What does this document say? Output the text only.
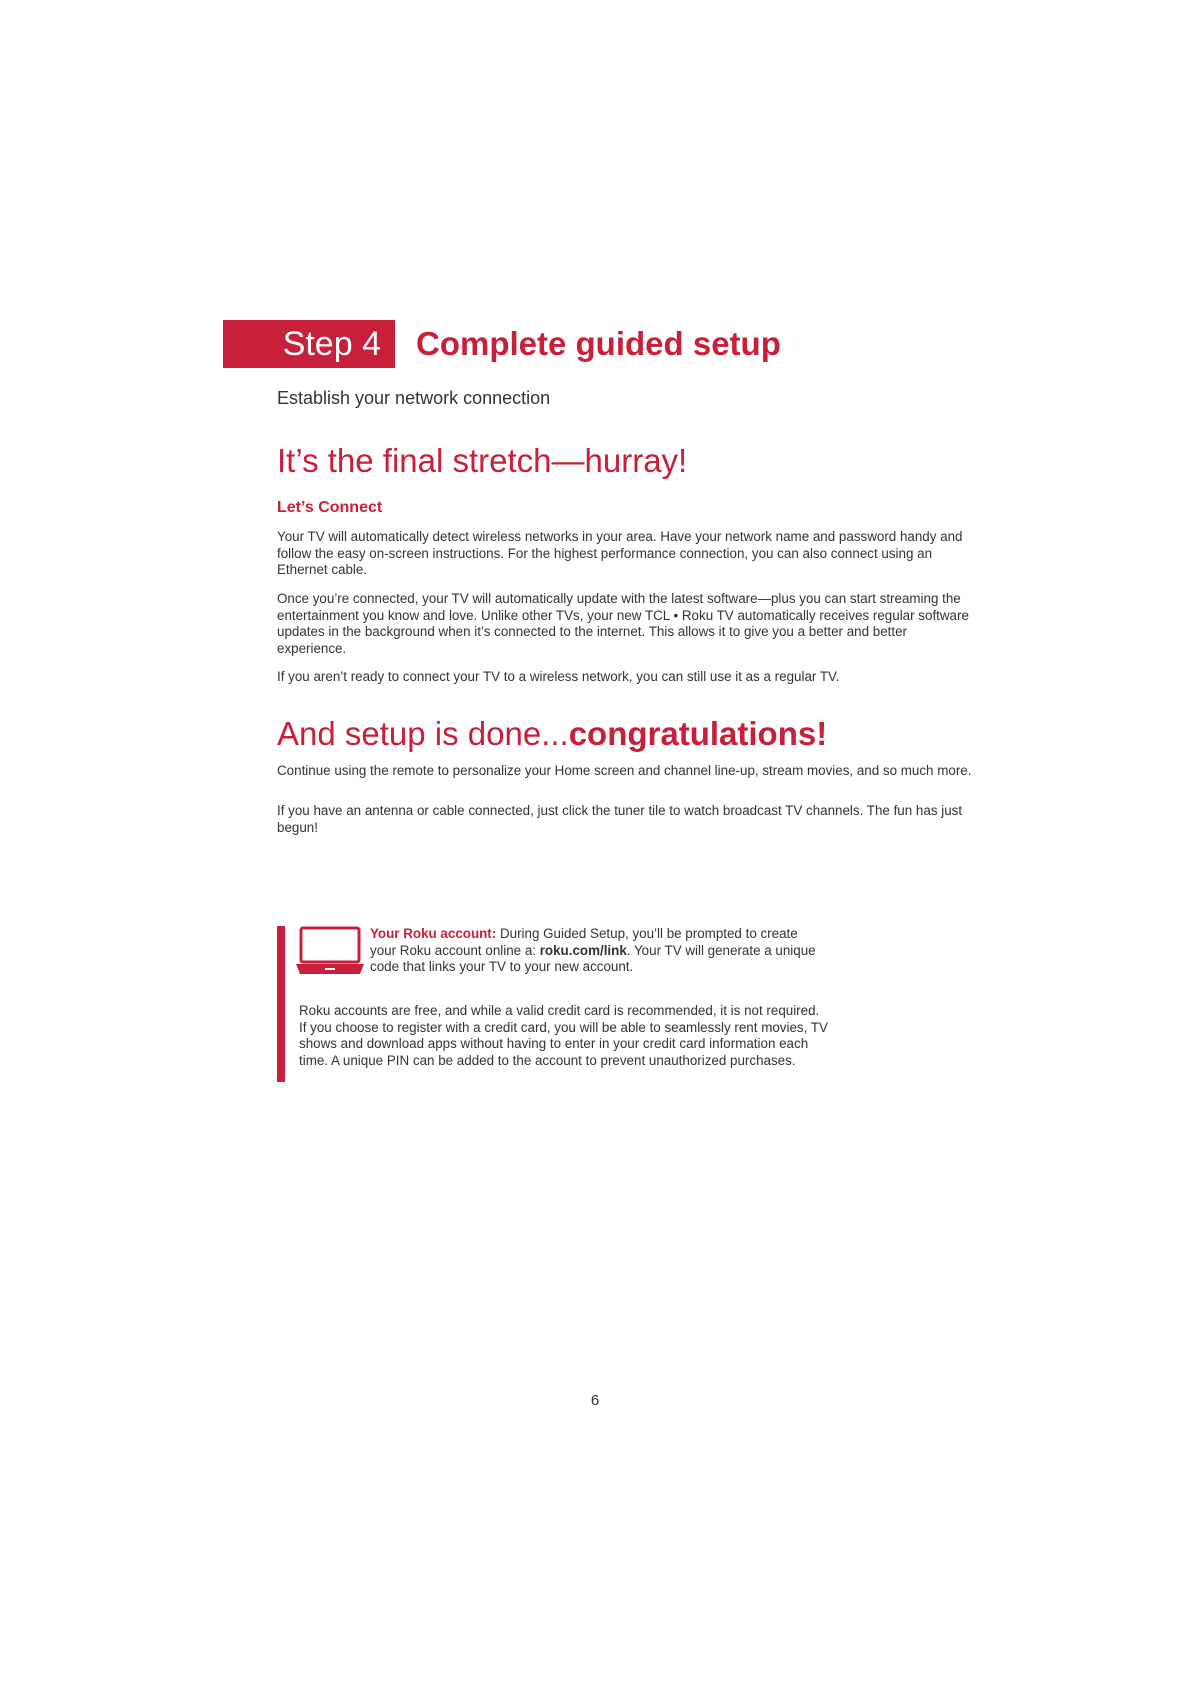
Step 4	Complete guided setup
Establish your network connection
It’s the final stretch—hurray!
Let’s Connect
Your TV will automatically detect wireless networks in your area. Have your network name and password handy and follow the easy on-screen instructions. For the highest performance connection, you can also connect using an Ethernet cable.
Once you’re connected, your TV will automatically update with the latest software—plus you can start streaming the entertainment you know and love. Unlike other TVs, your new TCL • Roku TV automatically receives regular software updates in the background when it’s connected to the internet. This allows it to give you a better and better experience.
If you aren’t ready to connect your TV to a wireless network, you can still use it as a regular TV.
And setup is done...congratulations!
Continue using the remote to personalize your Home screen and channel line-up, stream movies, and so much more.
If you have an antenna or cable connected, just click the tuner tile to watch broadcast TV channels. The fun has just begun!
Your Roku account: During Guided Setup, you’ll be prompted to create your Roku account online a: roku.com/link. Your TV will generate a unique code that links your TV to your new account.
Roku accounts are free, and while a valid credit card is recommended, it is not required. If you choose to register with a credit card, you will be able to seamlessly rent movies, TV shows and download apps without having to enter in your credit card information each time. A unique PIN can be added to the account to prevent unauthorized purchases.
6
